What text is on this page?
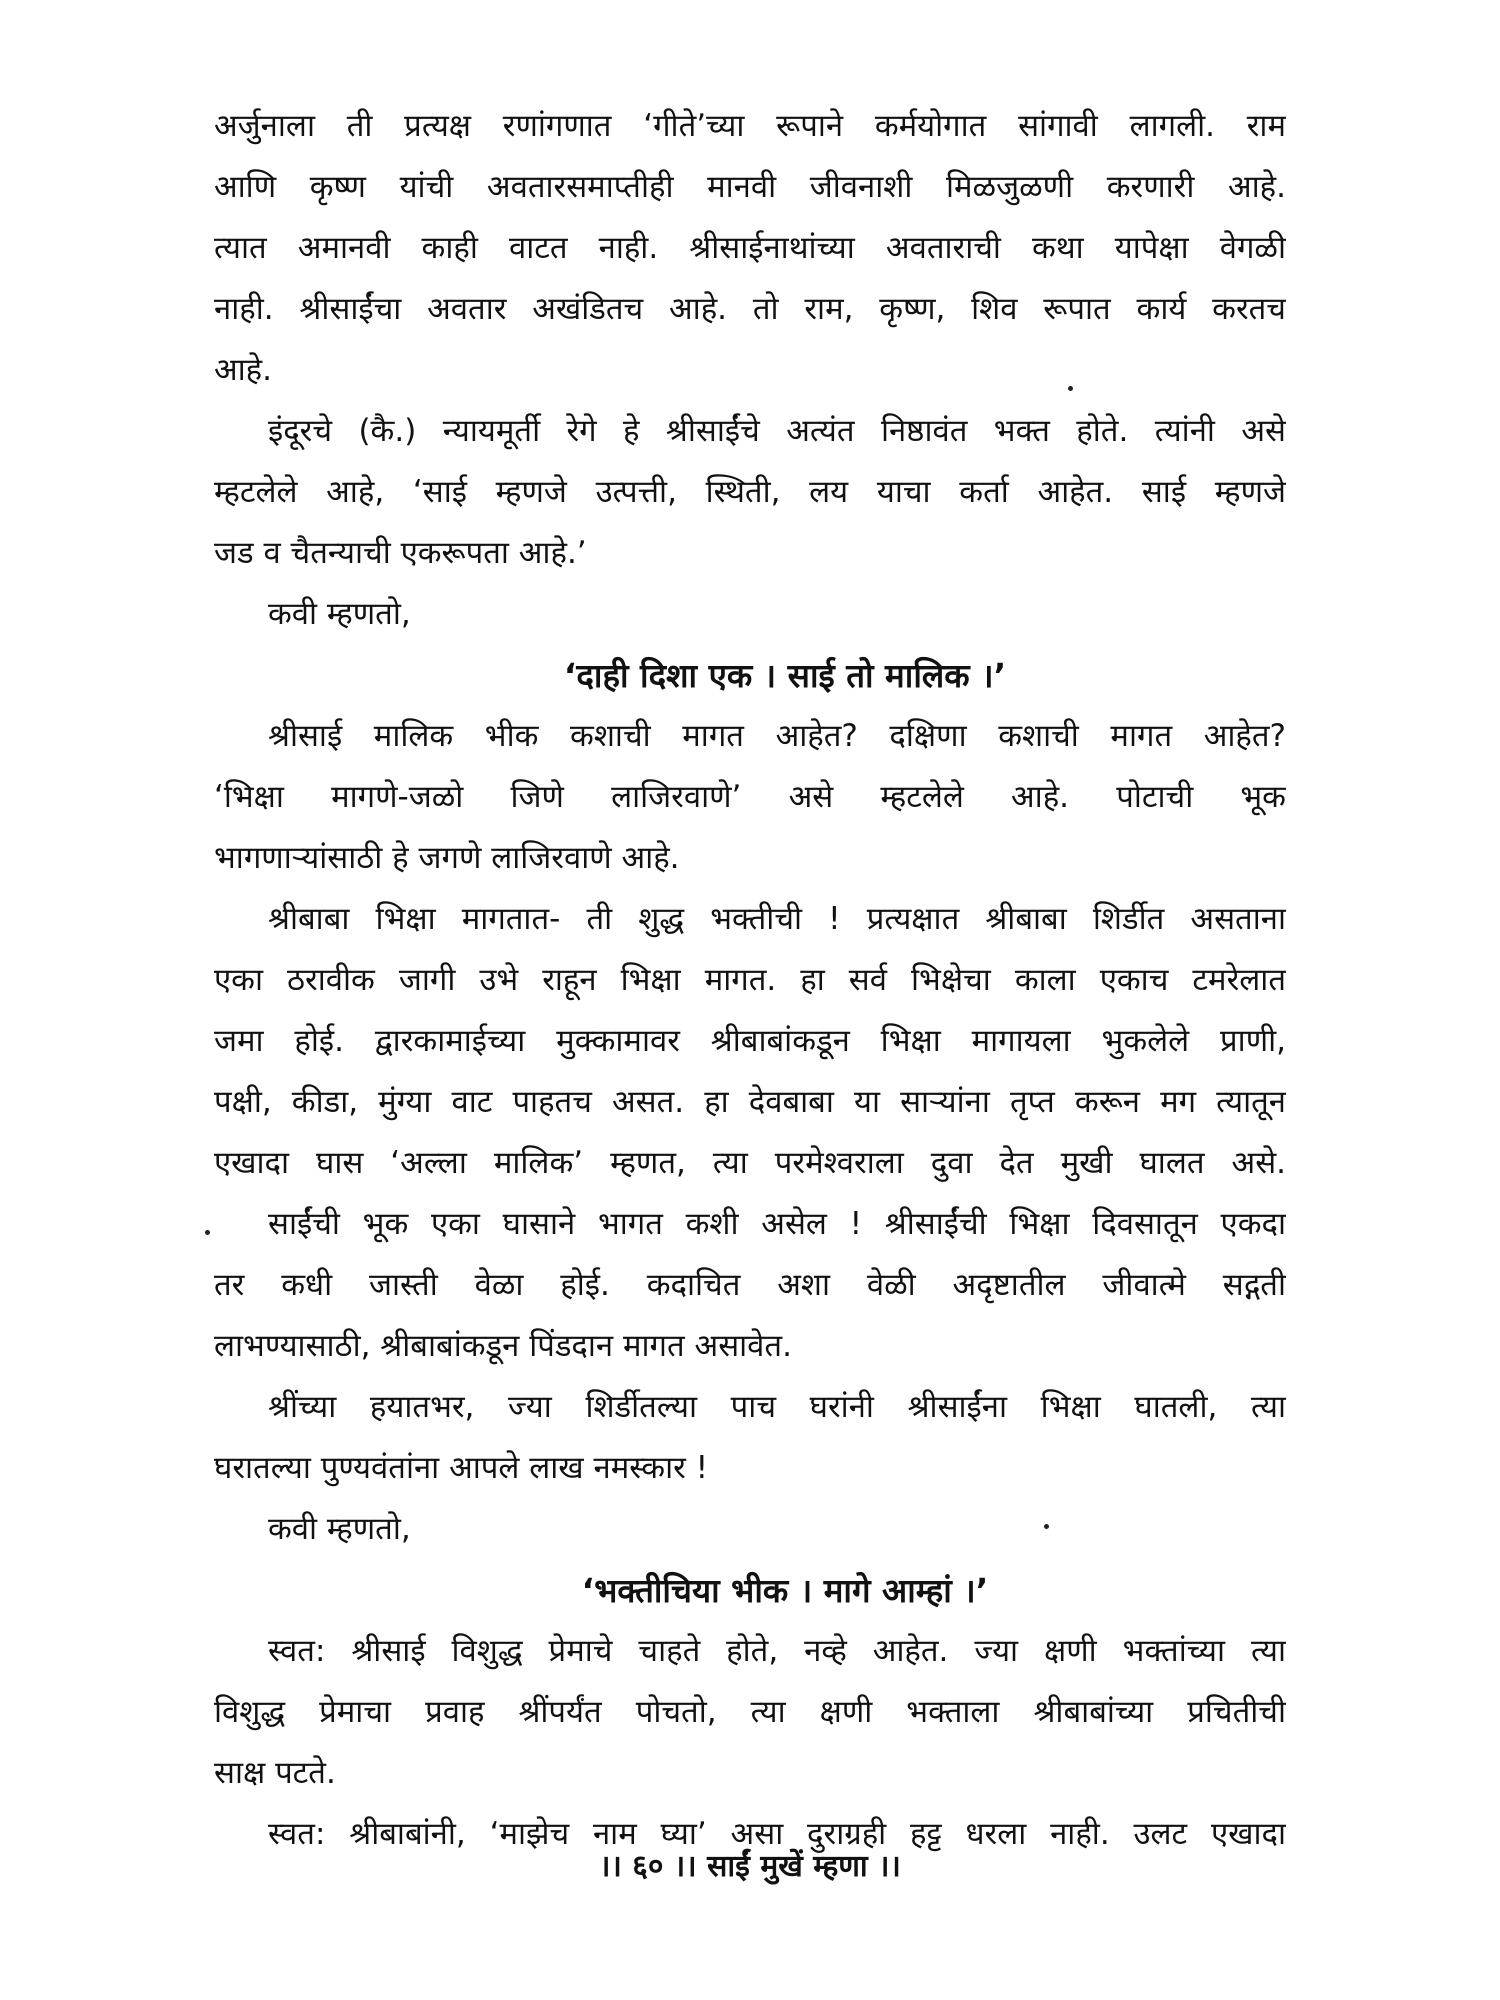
अर्जुनाला ती प्रत्यक्ष रणांगणात ‘गीते’च्या रूपाने कर्मयोगात सांगावी लागली. राम
आणि कृष्ण यांची अवतारसमाप्तीही मानवी जीवनाशी मिळजुळणी करणारी आहे.
त्यात अमानवी काही वाटत नाही. श्रीसाईनाथांच्या अवताराची कथा यापेक्षा वेगळी
नाही. श्रीसाईंचा अवतार अखंडितच आहे. तो राम, कृष्ण, शिव रूपात कार्य करतच
आहे.
इंदूरचे (कै.) न्यायमूर्ती रेगे हे श्रीसाईंचे अत्यंत निष्ठावंत भक्त होते. त्यांनी असे
म्हटलेले आहे, ‘साई म्हणजे उत्पत्ती, स्थिती, लय याचा कर्ता आहेत. साई म्हणजे
जड व चैतन्याची एकरूपता आहे.’
कवी म्हणतो,
‘दाही दिशा एक । साई तो मालिक ।’
श्रीसाई मालिक भीक कशाची मागत आहेत? दक्षिणा कशाची मागत आहेत?
‘भिक्षा मागणे-जळो जिणे लाजिरवाणे’ असे म्हटलेले आहे. पोटाची भूक
भागणाऱ्यांसाठी हे जगणे लाजिरवाणे आहे.
श्रीबाबा भिक्षा मागतात- ती शुद्ध भक्तीची ! प्रत्यक्षात श्रीबाबा शिर्डीत असताना
एका ठरावीक जागी उभे राहून भिक्षा मागत. हा सर्व भिक्षेचा काला एकाच टमरेलात
जमा होई. द्वारकामाईच्या मुक्कामावर श्रीबाबांकडून भिक्षा मागायला भुकलेले प्राणी,
पक्षी, कीडा, मुंग्या वाट पाहतच असत. हा देवबाबा या साऱ्यांना तृप्त करून मग त्यातून
एखादा घास ‘अल्ला मालिक’ म्हणत, त्या परमेश्वराला दुवा देत मुखी घालत असे.
साईंची भूक एका घासाने भागत कशी असेल ! श्रीसाईंची भिक्षा दिवसातून एकदा
तर कधी जास्ती वेळा होई. कदाचित अशा वेळी अदृष्टातील जीवात्मे सद्गती
लाभण्यासाठी, श्रीबाबांकडून पिंडदान मागत असावेत.
श्रींच्या हयातभर, ज्या शिर्डीतल्या पाच घरांनी श्रीसाईंना भिक्षा घातली, त्या
घरातल्या पुण्यवंतांना आपले लाख नमस्कार !
कवी म्हणतो,
‘भक्तीचिया भीक । मागे आम्हां ।’
स्वत: श्रीसाई विशुद्ध प्रेमाचे चाहते होते, नव्हे आहेत. ज्या क्षणी भक्तांच्या त्या
विशुद्ध प्रेमाचा प्रवाह श्रींपर्यंत पोचतो, त्या क्षणी भक्ताला श्रीबाबांच्या प्रचितीची
साक्ष पटते.
स्वत: श्रीबाबांनी, ‘माझेच नाम घ्या’ असा दुराग्रही हट्ट धरला नाही. उलट एखादा
।। ६० ।। साईं मुखें म्हणा ।।
